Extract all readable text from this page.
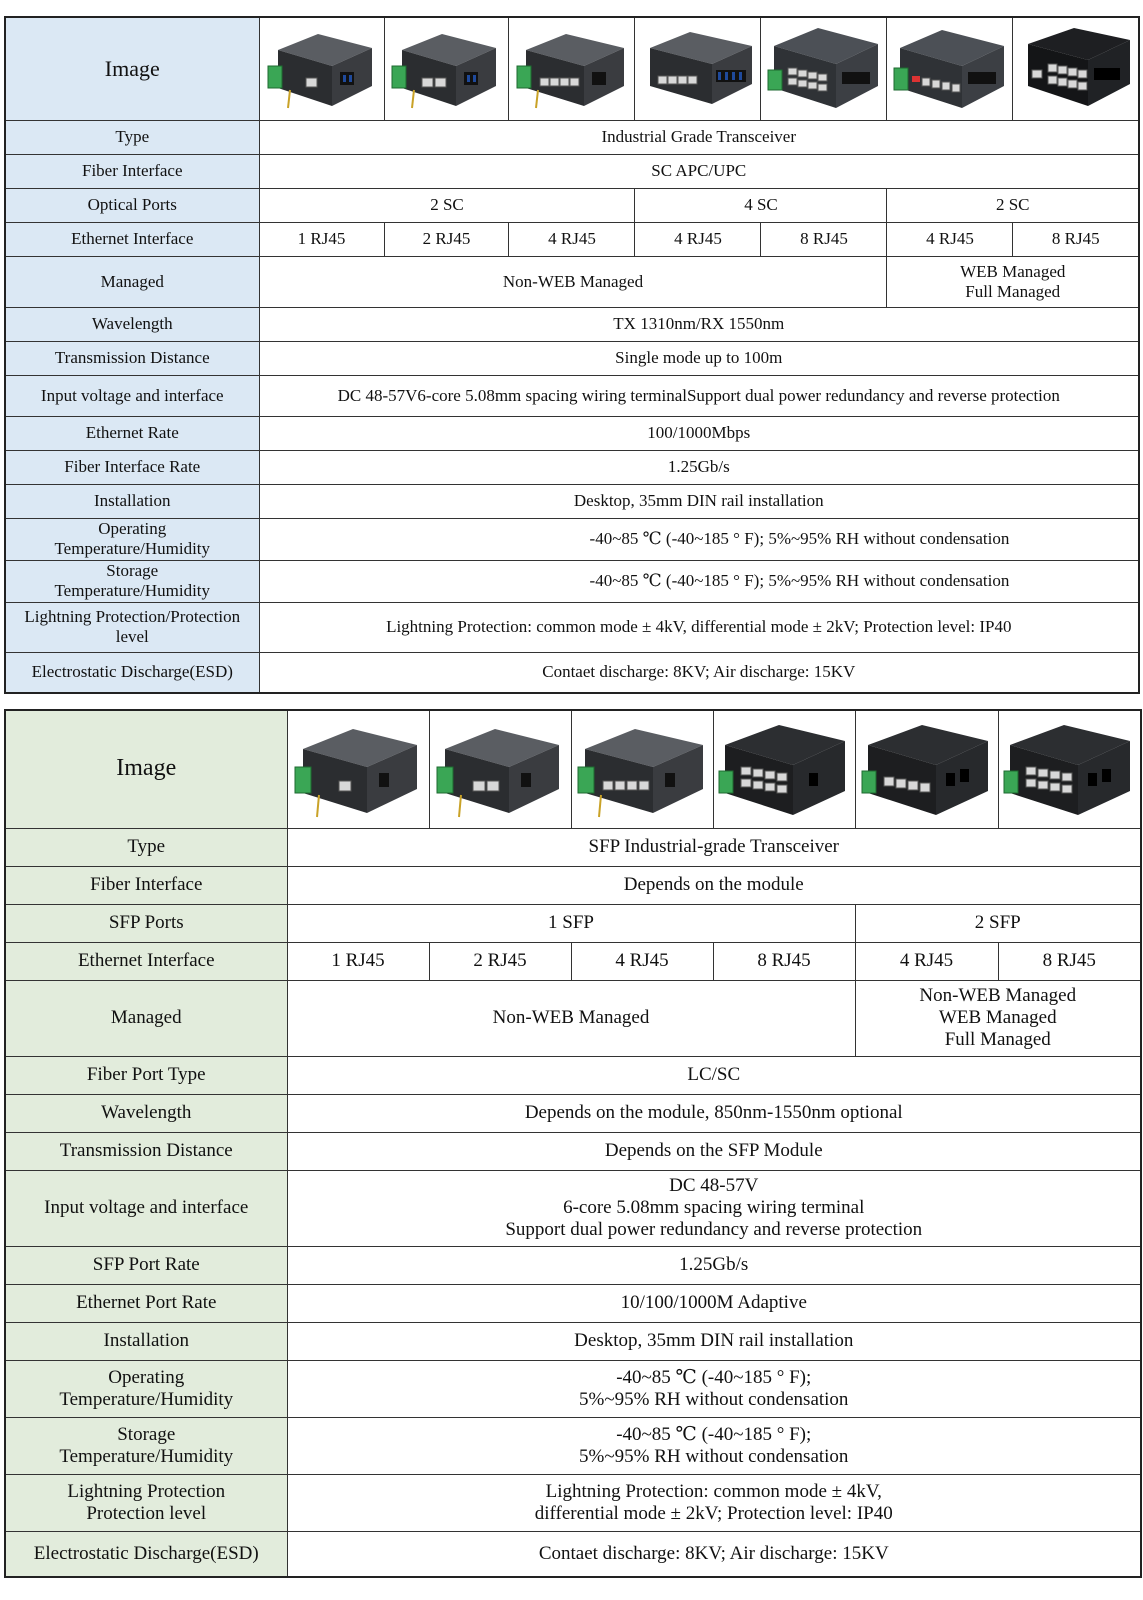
Image	

Type	Industrial Grade Transceiver						
Fiber Interface	SC APC/UPC						
Optical Ports	2 SC			4 SC		2 SC	
Ethernet Interface	1 RJ45	2 RJ45	4 RJ45	4 RJ45	8 RJ45	4 RJ45	8 RJ45
Managed	Non-WEB Managed					WEB Managed
Full Managed	
Wavelength	TX 1310nm/RX 1550nm						
Transmission Distance	Single mode up to 100m						
Input voltage and interface	DC 48-57V6-core 5.08mm spacing wiring terminalSupport dual power redundancy and reverse protection						
Ethernet Rate	100/1000Mbps						
Fiber Interface Rate	1.25Gb/s						
Installation	Desktop, 35mm DIN rail installation						
Operating
Temperature/Humidity	-40~85 ℃ (-40~185 ° F); 5%~95% RH without condensation						
Storage
Temperature/Humidity	-40~85 ℃ (-40~185 ° F); 5%~95% RH without condensation						
Lightning Protection/Protection
level	Lightning Protection: common mode ± 4kV, differential mode ± 2kV; Protection level: IP40						
Electrostatic Discharge(ESD)	Contaet discharge: 8KV; Air discharge: 15KV						
Image	

Type	SFP Industrial-grade Transceiver					
Fiber Interface	Depends on the module					
SFP Ports	1 SFP				2 SFP	
Ethernet Interface	1 RJ45	2 RJ45	4 RJ45	8 RJ45	4 RJ45	8 RJ45
Managed	Non-WEB Managed				Non-WEB Managed
WEB Managed
Full Managed	
Fiber Port Type	LC/SC					
Wavelength	Depends on the module, 850nm-1550nm optional					
Transmission Distance	Depends on the SFP Module					
Input voltage and interface	DC 48-57V
6-core 5.08mm spacing wiring terminal
Support dual power redundancy and reverse protection					
SFP Port Rate	1.25Gb/s					
Ethernet Port Rate	10/100/1000M Adaptive					
Installation	Desktop, 35mm DIN rail installation					
Operating
Temperature/Humidity	-40~85 ℃ (-40~185 ° F);
5%~95% RH without condensation					
Storage
Temperature/Humidity	-40~85 ℃ (-40~185 ° F);
5%~95% RH without condensation					
Lightning Protection
Protection level	Lightning Protection: common mode ± 4kV,
differential mode ± 2kV; Protection level: IP40					
Electrostatic Discharge(ESD)	Contaet discharge: 8KV; Air discharge: 15KV					
